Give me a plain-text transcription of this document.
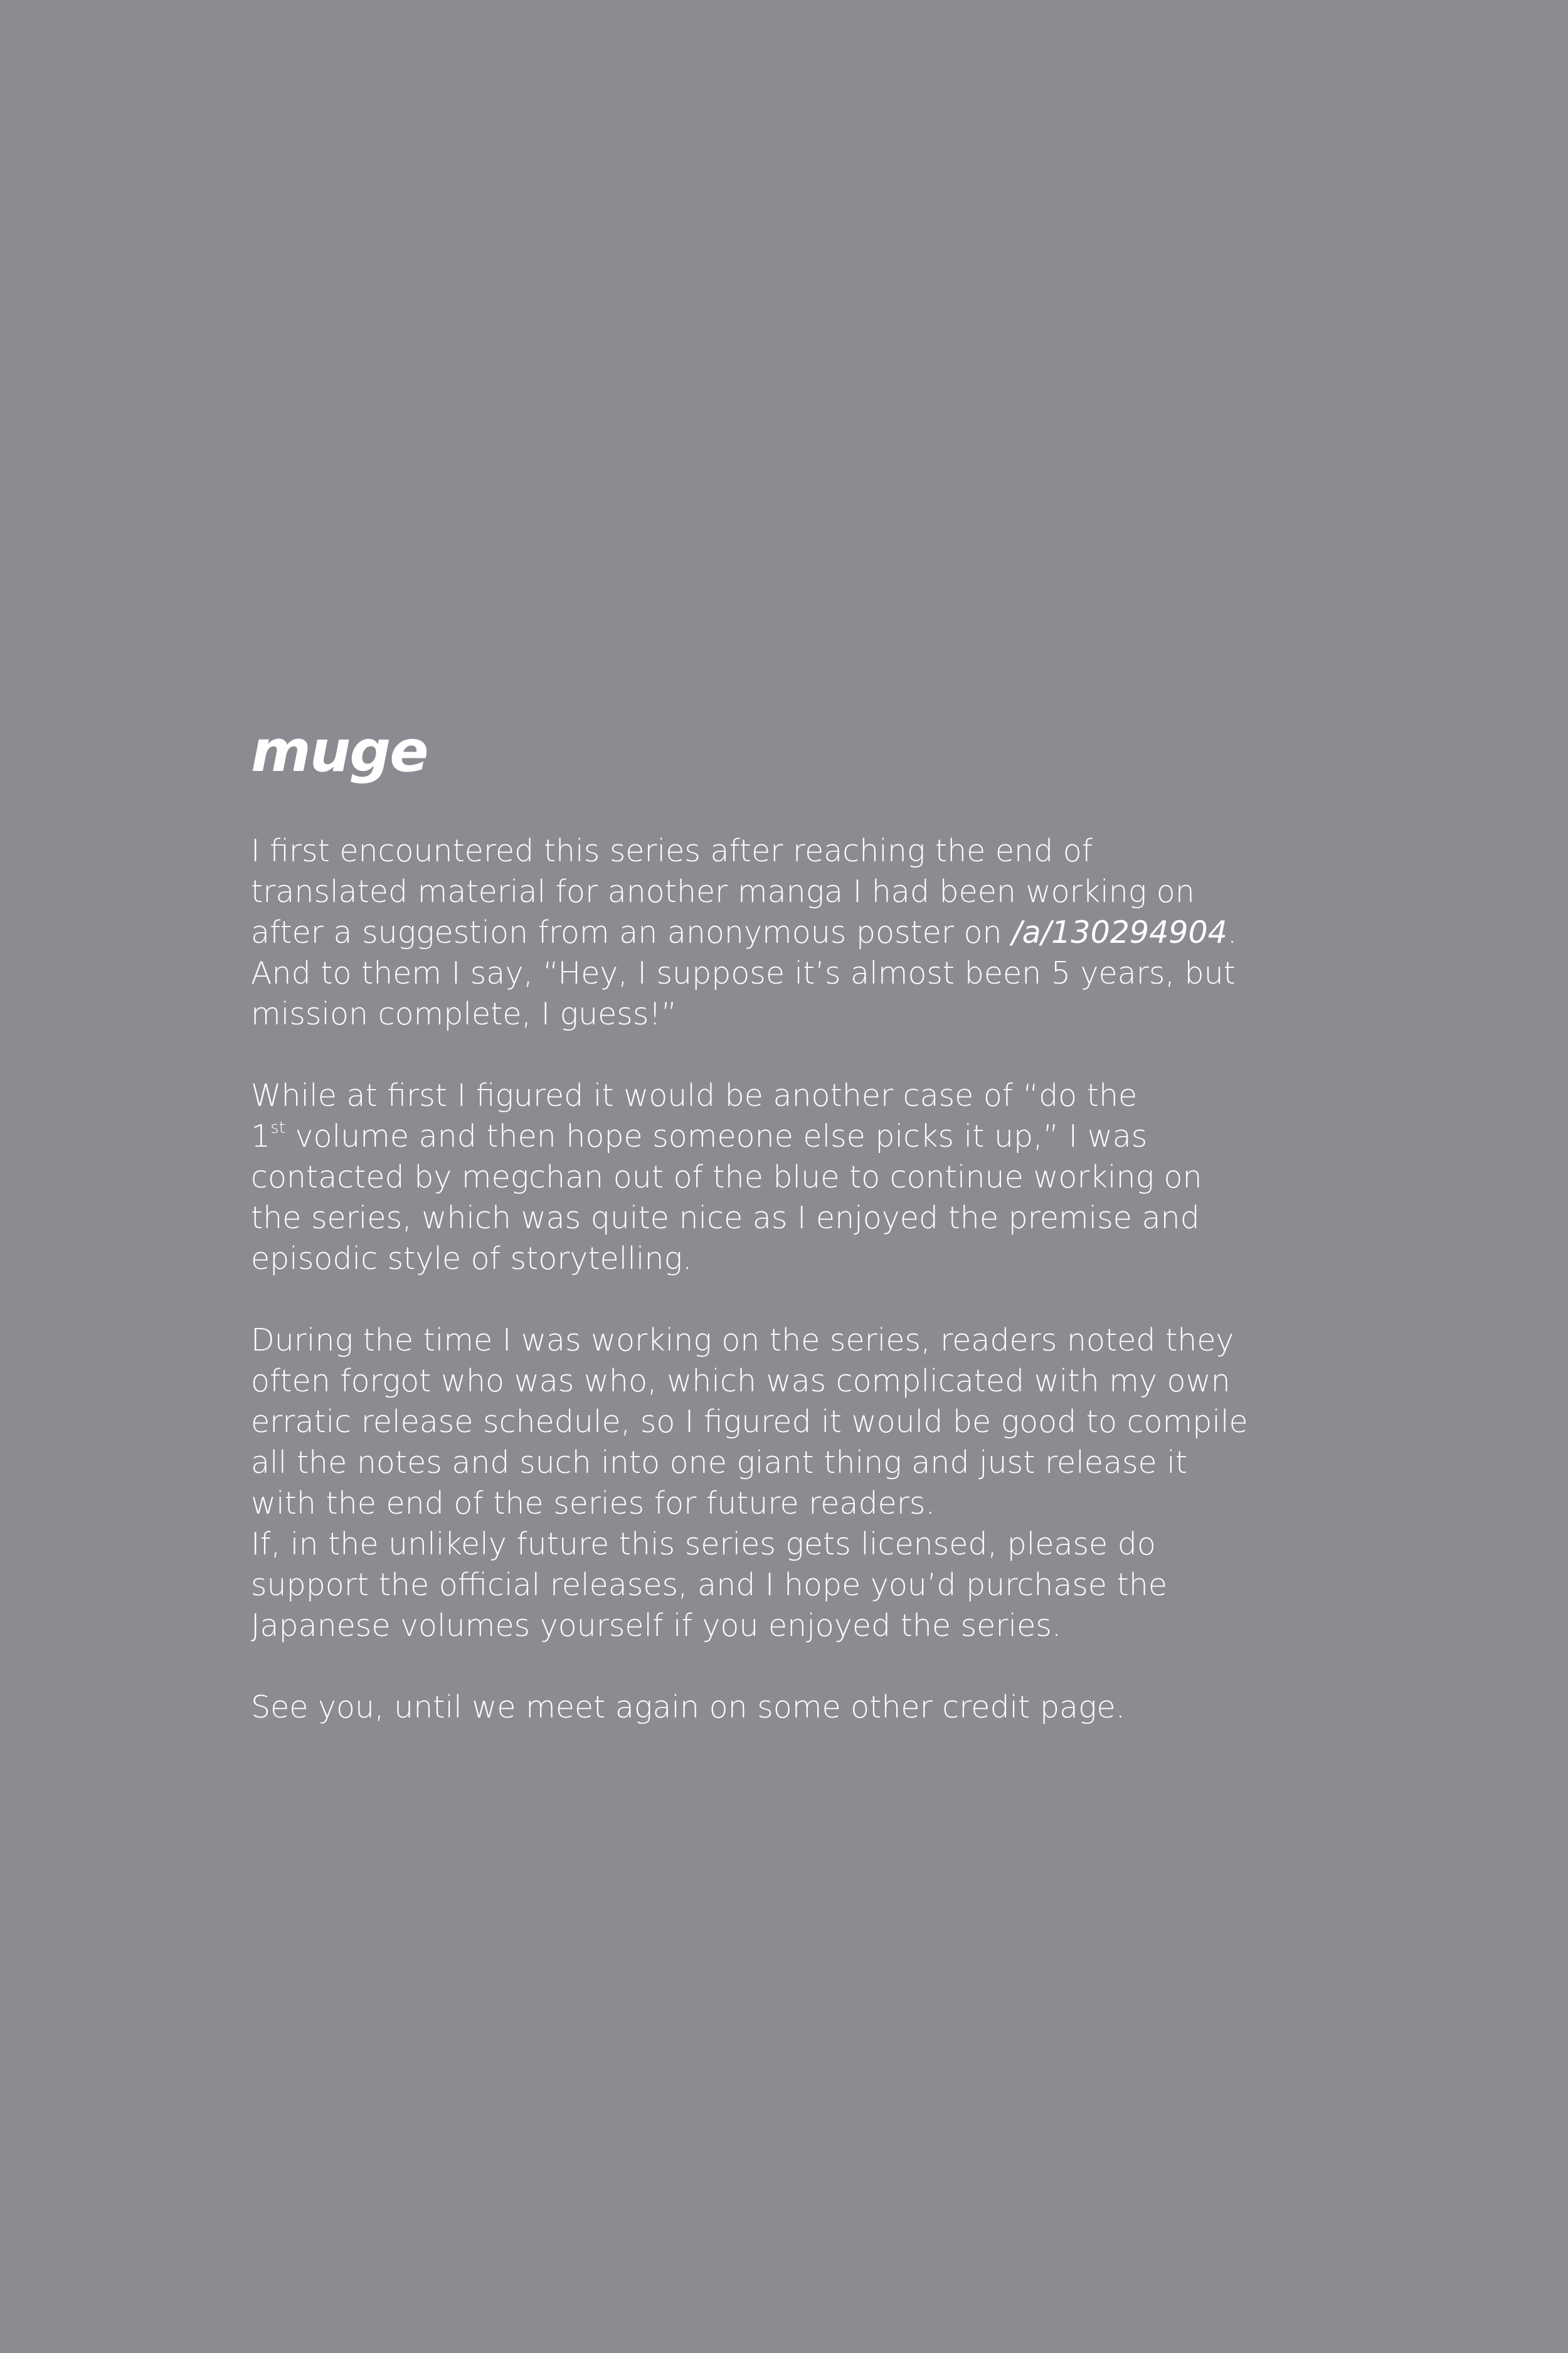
muge

I first encountered this series after reaching the end of
translated material for another manga I had been working on
after a suggestion from an anonymous poster on /a/130294904.
And to them I say, “Hey, I suppose it’s almost been 5 years, but
mission complete, I guess!”

While at first I figured it would be another case of “do the
1st volume and then hope someone else picks it up,” I was
contacted by megchan out of the blue to continue working on
the series, which was quite nice as I enjoyed the premise and
episodic style of storytelling.

During the time I was working on the series, readers noted they
often forgot who was who, which was complicated with my own
erratic release schedule, so I figured it would be good to compile
all the notes and such into one giant thing and just release it
with the end of the series for future readers.
If, in the unlikely future this series gets licensed, please do
support the official releases, and I hope you’d purchase the
Japanese volumes yourself if you enjoyed the series.

See you, until we meet again on some other credit page.
